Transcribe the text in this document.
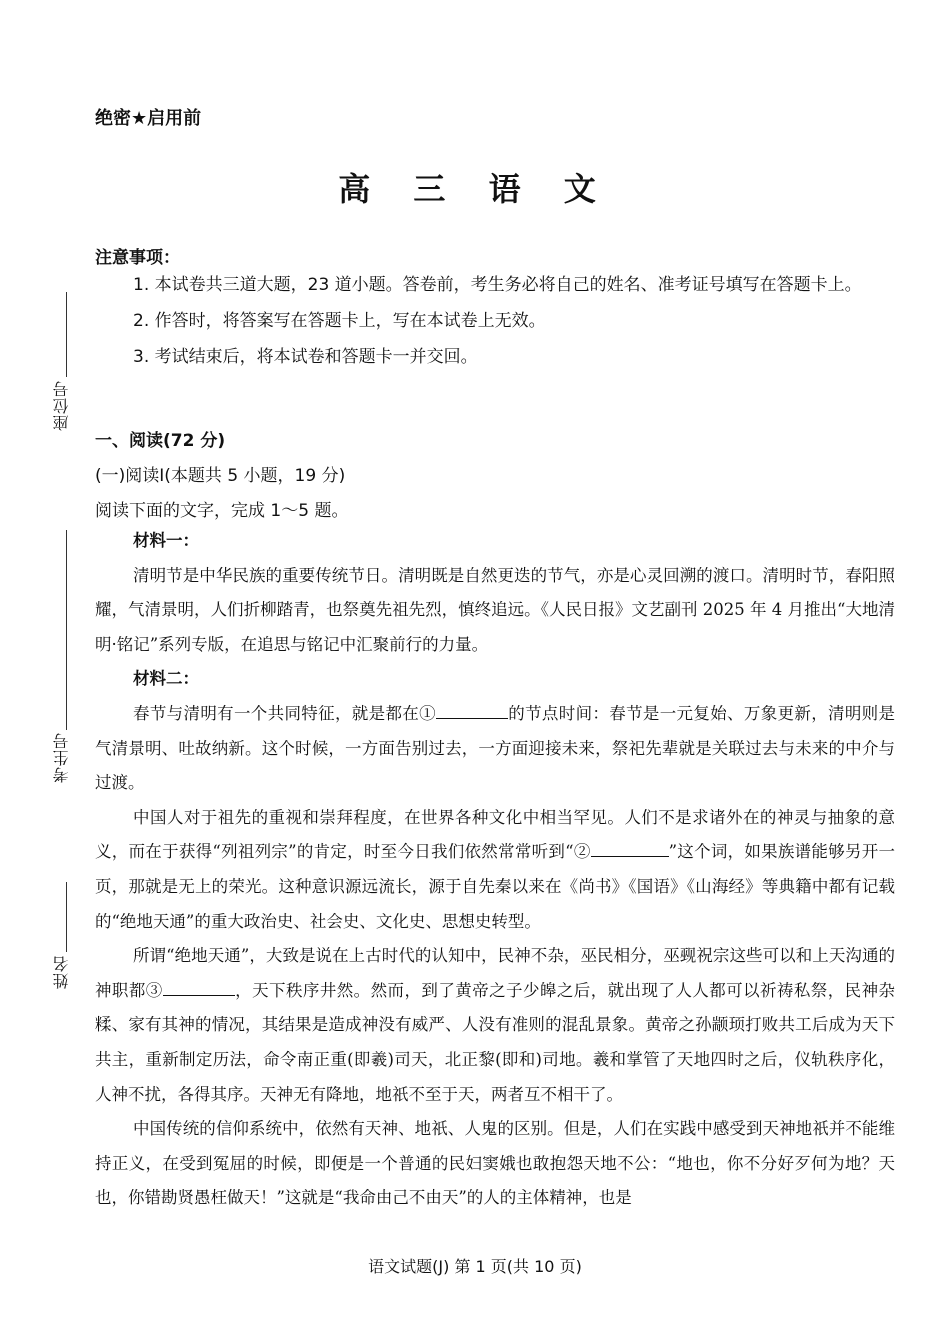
座位号
考生号
姓名
绝密★启用前
高 三 语 文
注意事项：

1. 本试卷共三道大题，23 道小题。答卷前，考生务必将自己的姓名、准考证号填写在答题卡上。

2. 作答时，将答案写在答题卡上，写在本试卷上无效。

3. 考试结束后，将本试卷和答题卡一并交回。

一、阅读(72 分)
(一)阅读Ⅰ(本题共 5 小题，19 分)
阅读下面的文字，完成 1～5 题。
材料一：

清明节是中华民族的重要传统节日。清明既是自然更迭的节气，亦是心灵回溯的渡口。清明时节，春阳照耀，气清景明，人们折柳踏青，也祭奠先祖先烈，慎终追远。《人民日报》文艺副刊 2025 年 4 月推出“大地清明·铭记”系列专版，在追思与铭记中汇聚前行的力量。

材料二：

春节与清明有一个共同特征，就是都在①	的节点时间：春节是一元复始、万象更新，清明则是气清景明、吐故纳新。这个时候，一方面告别过去，一方面迎接未来，祭祀先辈就是关联过去与未来的中介与过渡。

中国人对于祖先的重视和崇拜程度，在世界各种文化中相当罕见。人们不是求诸外在的神灵与抽象的意义，而在于获得“列祖列宗”的肯定，时至今日我们依然常常听到“②	”这个词，如果族谱能够另开一页，那就是无上的荣光。这种意识源远流长，源于自先秦以来在《尚书》《国语》《山海经》等典籍中都有记载的“绝地天通”的重大政治史、社会史、文化史、思想史转型。

所谓“绝地天通”，大致是说在上古时代的认知中，民神不杂，巫民相分，巫觋祝宗这些可以和上天沟通的神职都③	，天下秩序井然。然而，到了黄帝之子少皞之后，就出现了人人都可以祈祷私祭，民神杂糅、家有其神的情况，其结果是造成神没有威严、人没有准则的混乱景象。黄帝之孙颛顼打败共工后成为天下共主，重新制定历法，命令南正重(即羲)司天，北正黎(即和)司地。羲和掌管了天地四时之后，仪轨秩序化，人神不扰，各得其序。天神无有降地，地祇不至于天，两者互不相干了。

中国传统的信仰系统中，依然有天神、地祇、人鬼的区别。但是，人们在实践中感受到天神地祇并不能维持正义，在受到冤屈的时候，即便是一个普通的民妇窦娥也敢抱怨天地不公：“地也，你不分好歹何为地？天也，你错勘贤愚枉做天！”这就是“我命由己不由天”的人的主体精神，也是

语文试题(J) 第 1 页(共 10 页)
